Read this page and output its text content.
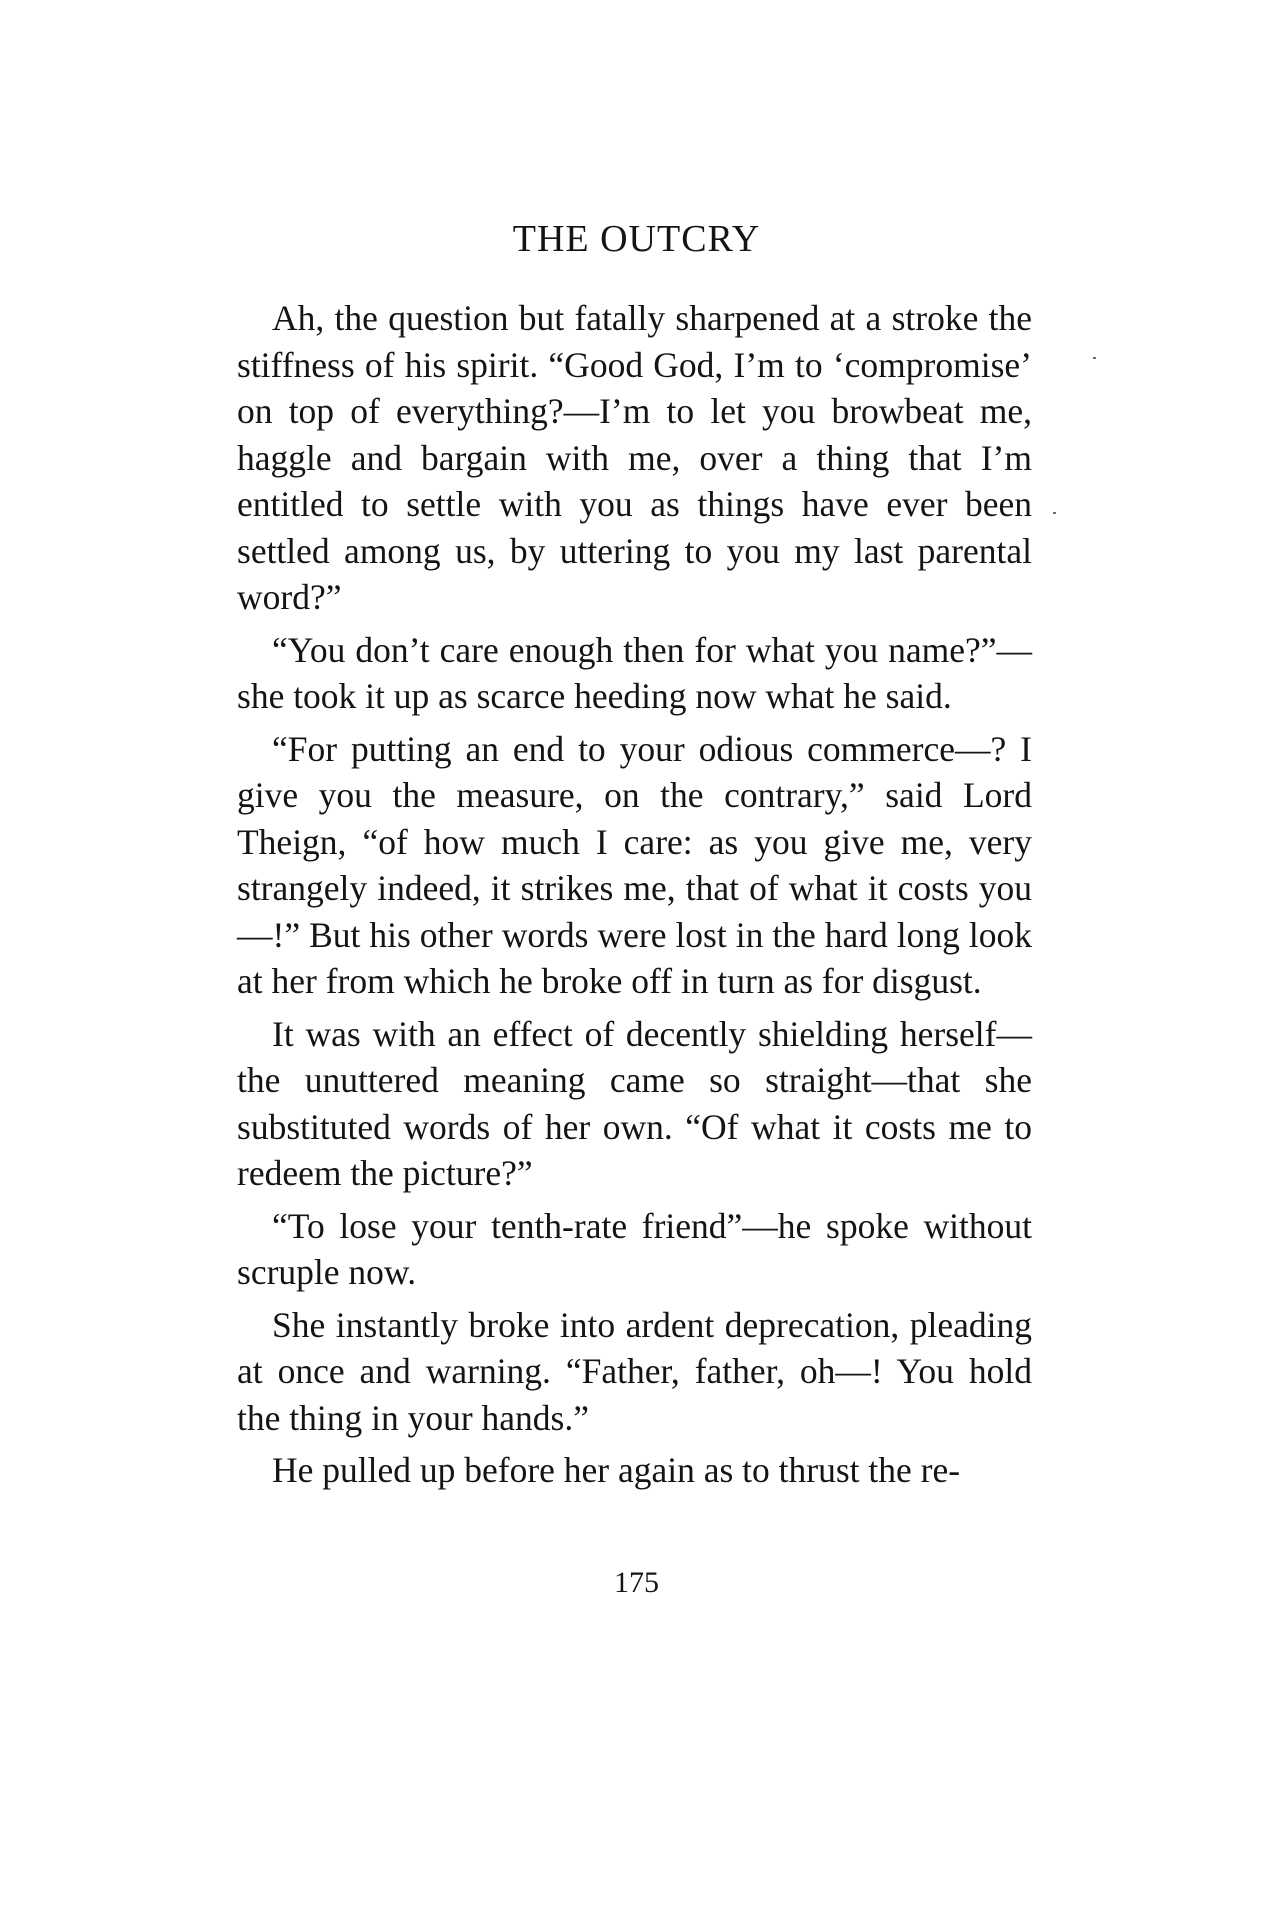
THE OUTCRY

Ah, the question but fatally sharpened at a stroke the stiffness of his spirit. “Good God, I’m to ‘compromise’ on top of everything?—I’m to let you browbeat me, haggle and bargain with me, over a thing that I’m entitled to settle with you as things have ever been settled among us, by uttering to you my last parental word?”

“You don’t care enough then for what you name?”—she took it up as scarce heeding now what he said.

“For putting an end to your odious commerce—? I give you the measure, on the contrary,” said Lord Theign, “of how much I care: as you give me, very strangely indeed, it strikes me, that of what it costs you—!” But his other words were lost in the hard long look at her from which he broke off in turn as for disgust.

It was with an effect of decently shielding herself—the unuttered meaning came so straight—that she substituted words of her own. “Of what it costs me to redeem the picture?”

“To lose your tenth-rate friend”—he spoke without scruple now.

She instantly broke into ardent deprecation, pleading at once and warning. “Father, father, oh—! You hold the thing in your hands.”

He pulled up before her again as to thrust the re-

175
